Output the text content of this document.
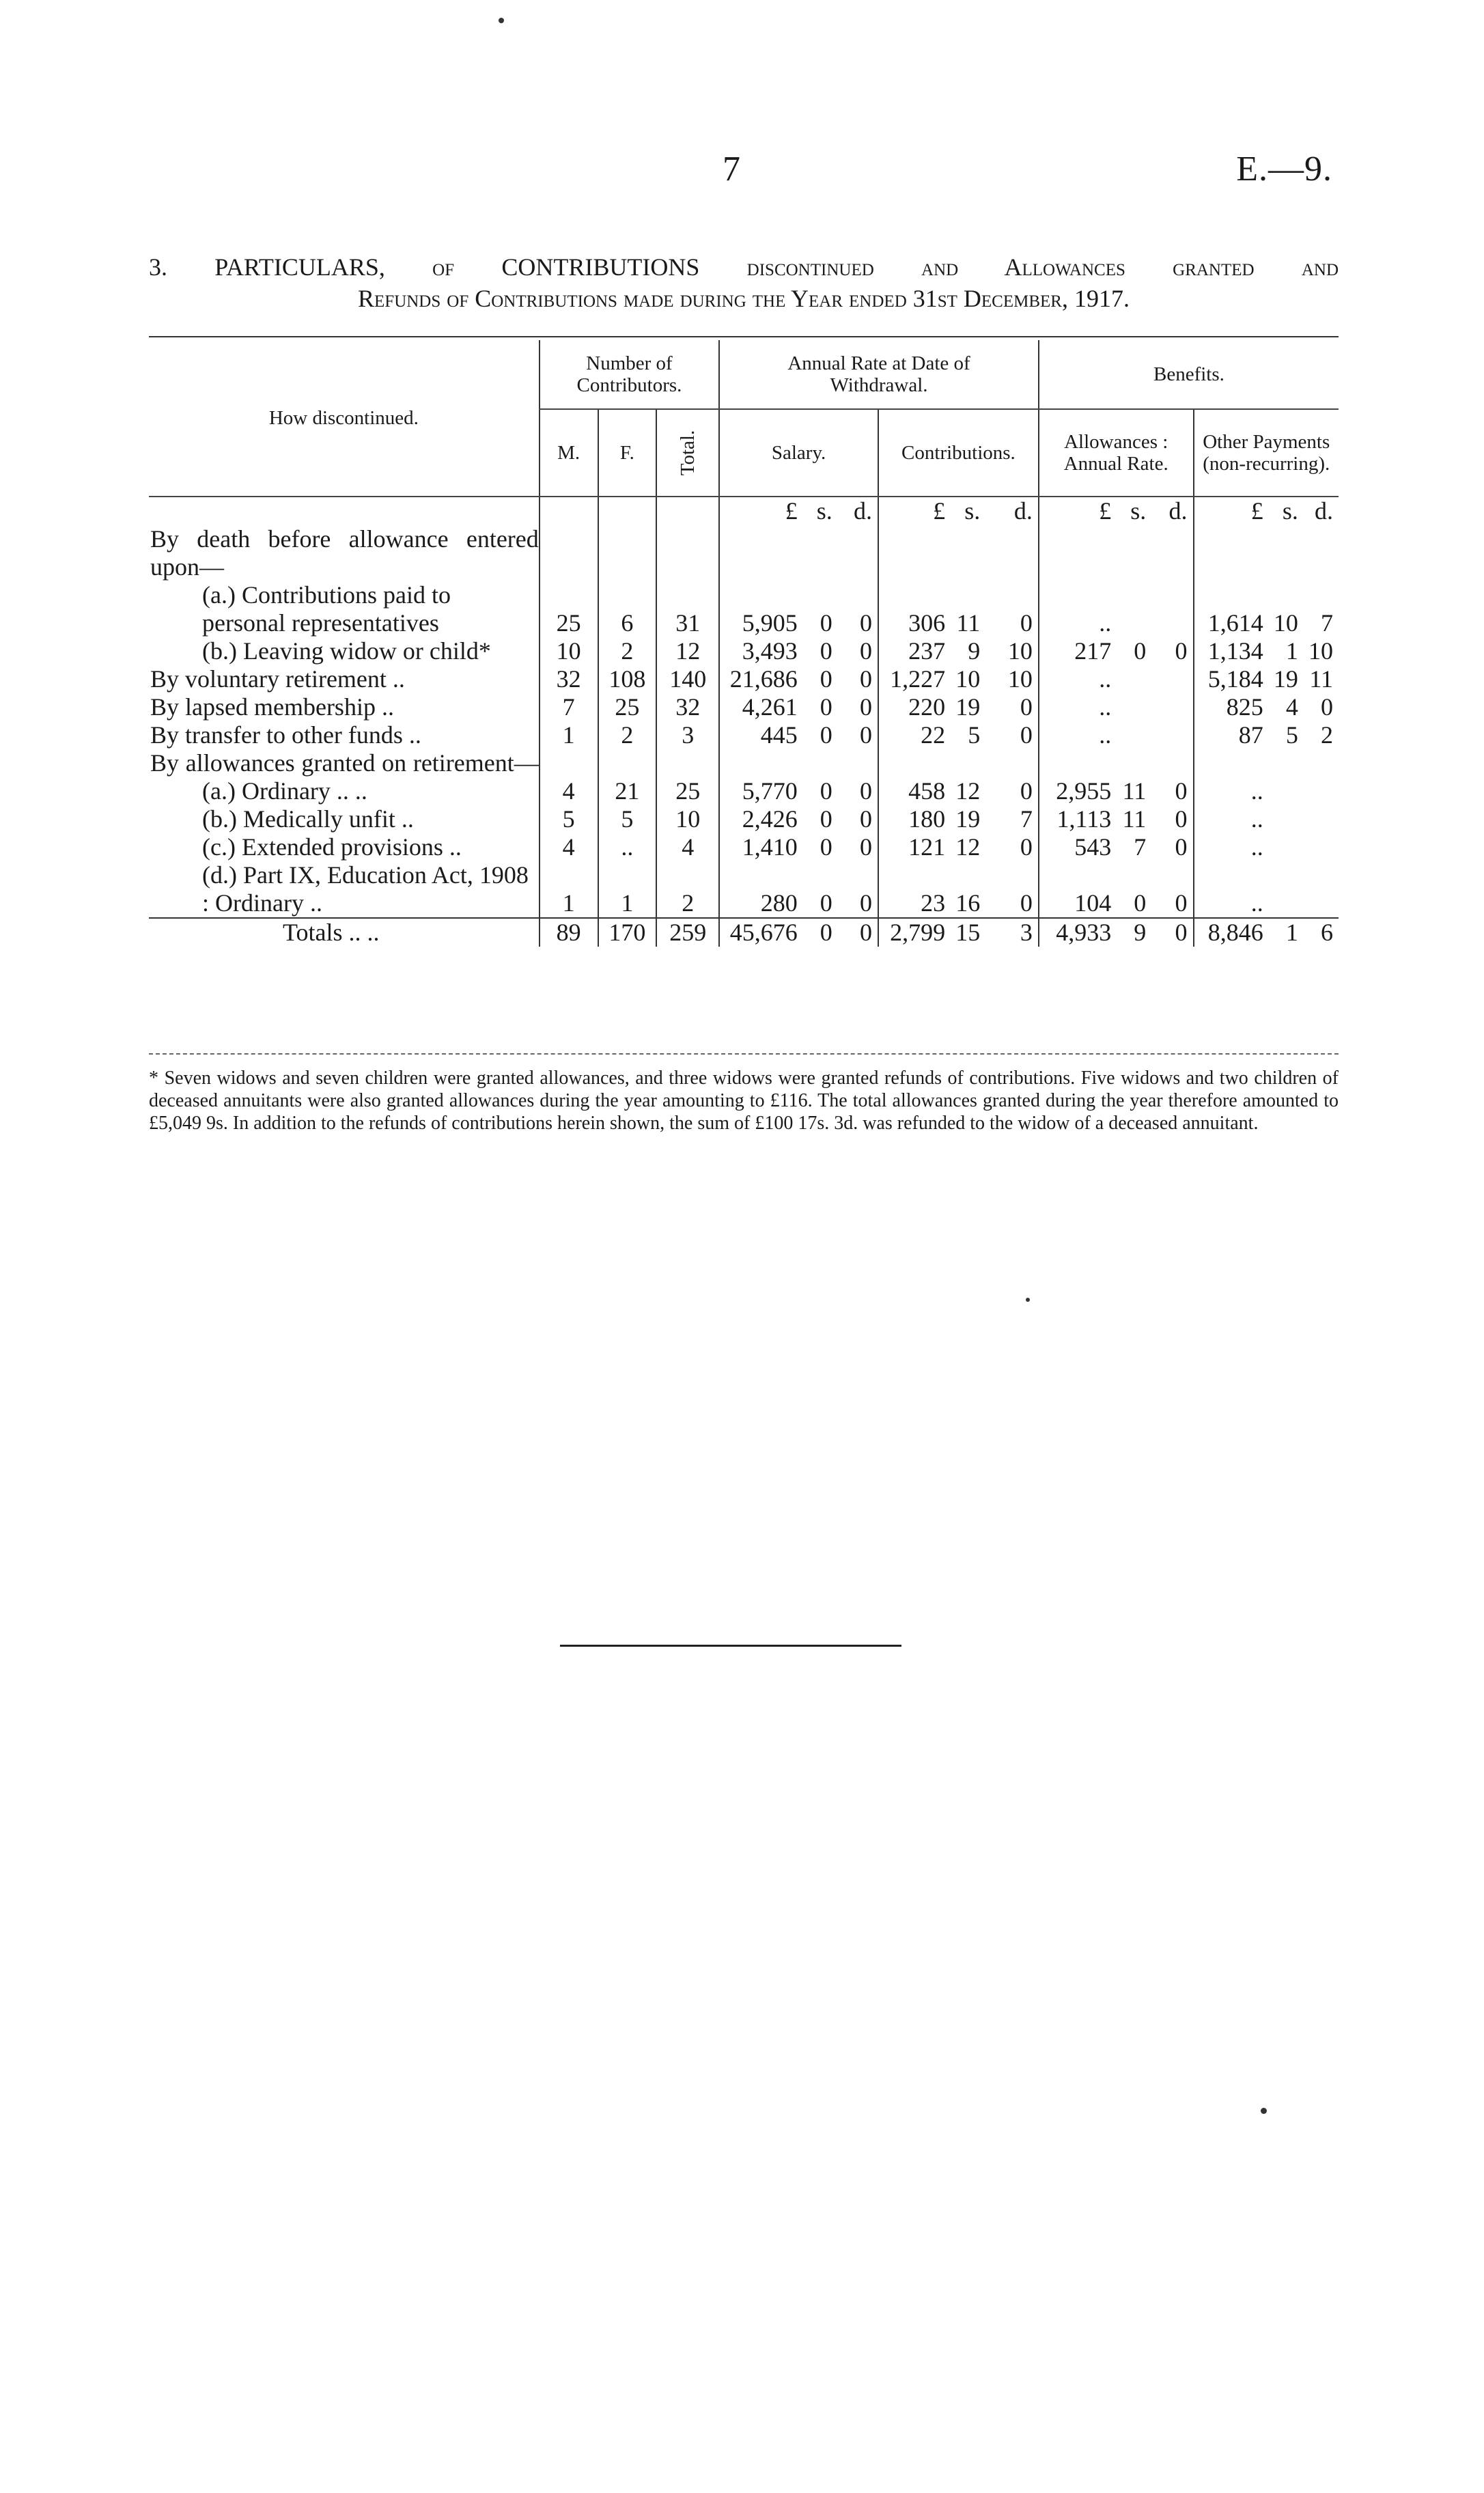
7	E.—9.
3. PARTICULARS, of CONTRIBUTIONS discontinued and Allowances granted and
Refunds of Contributions made during the Year ended 31st December, 1917.
How discontinued.	Number of Contributors.			Annual Rate at Date of Withdrawal.						Benefits.					
	M.	F.	Total.	Salary.			Contributions.			Allowances : Annual Rate.			Other Payments (non-recurring).		
				£	s.	d.	£	s.	d.	£	s.	d.	£	s.	d.
By death before allowance entered upon—															
(a.) Contributions paid to personal representatives	25	6	31	5,905	0	0	306	11	0	..			1,614	10	7
(b.) Leaving widow or child*	10	2	12	3,493	0	0	237	9	10	217	0	0	1,134	1	10
By voluntary retirement ..	32	108	140	21,686	0	0	1,227	10	10	..			5,184	19	11
By lapsed membership ..	7	25	32	4,261	0	0	220	19	0	..			825	4	0
By transfer to other funds ..	1	2	3	445	0	0	22	5	0	..			87	5	2
By allowances granted on retirement—															
(a.) Ordinary .. ..	4	21	25	5,770	0	0	458	12	0	2,955	11	0	..		
(b.) Medically unfit ..	5	5	10	2,426	0	0	180	19	7	1,113	11	0	..		
(c.) Extended provisions ..	4	..	4	1,410	0	0	121	12	0	543	7	0	..		
(d.) Part IX, Education Act, 1908 : Ordinary ..	1	1	2	280	0	0	23	16	0	104	0	0	..		
Totals .. ..	89	170	259	45,676	0	0	2,799	15	3	4,933	9	0	8,846	1	6
* Seven widows and seven children were granted allowances, and three widows were granted refunds of contributions. Five widows and two children of deceased annuitants were also granted allowances during the year amounting to £116. The total allowances granted during the year therefore amounted to £5,049 9s. In addition to the refunds of contributions herein shown, the sum of £100 17s. 3d. was refunded to the widow of a deceased annuitant.
